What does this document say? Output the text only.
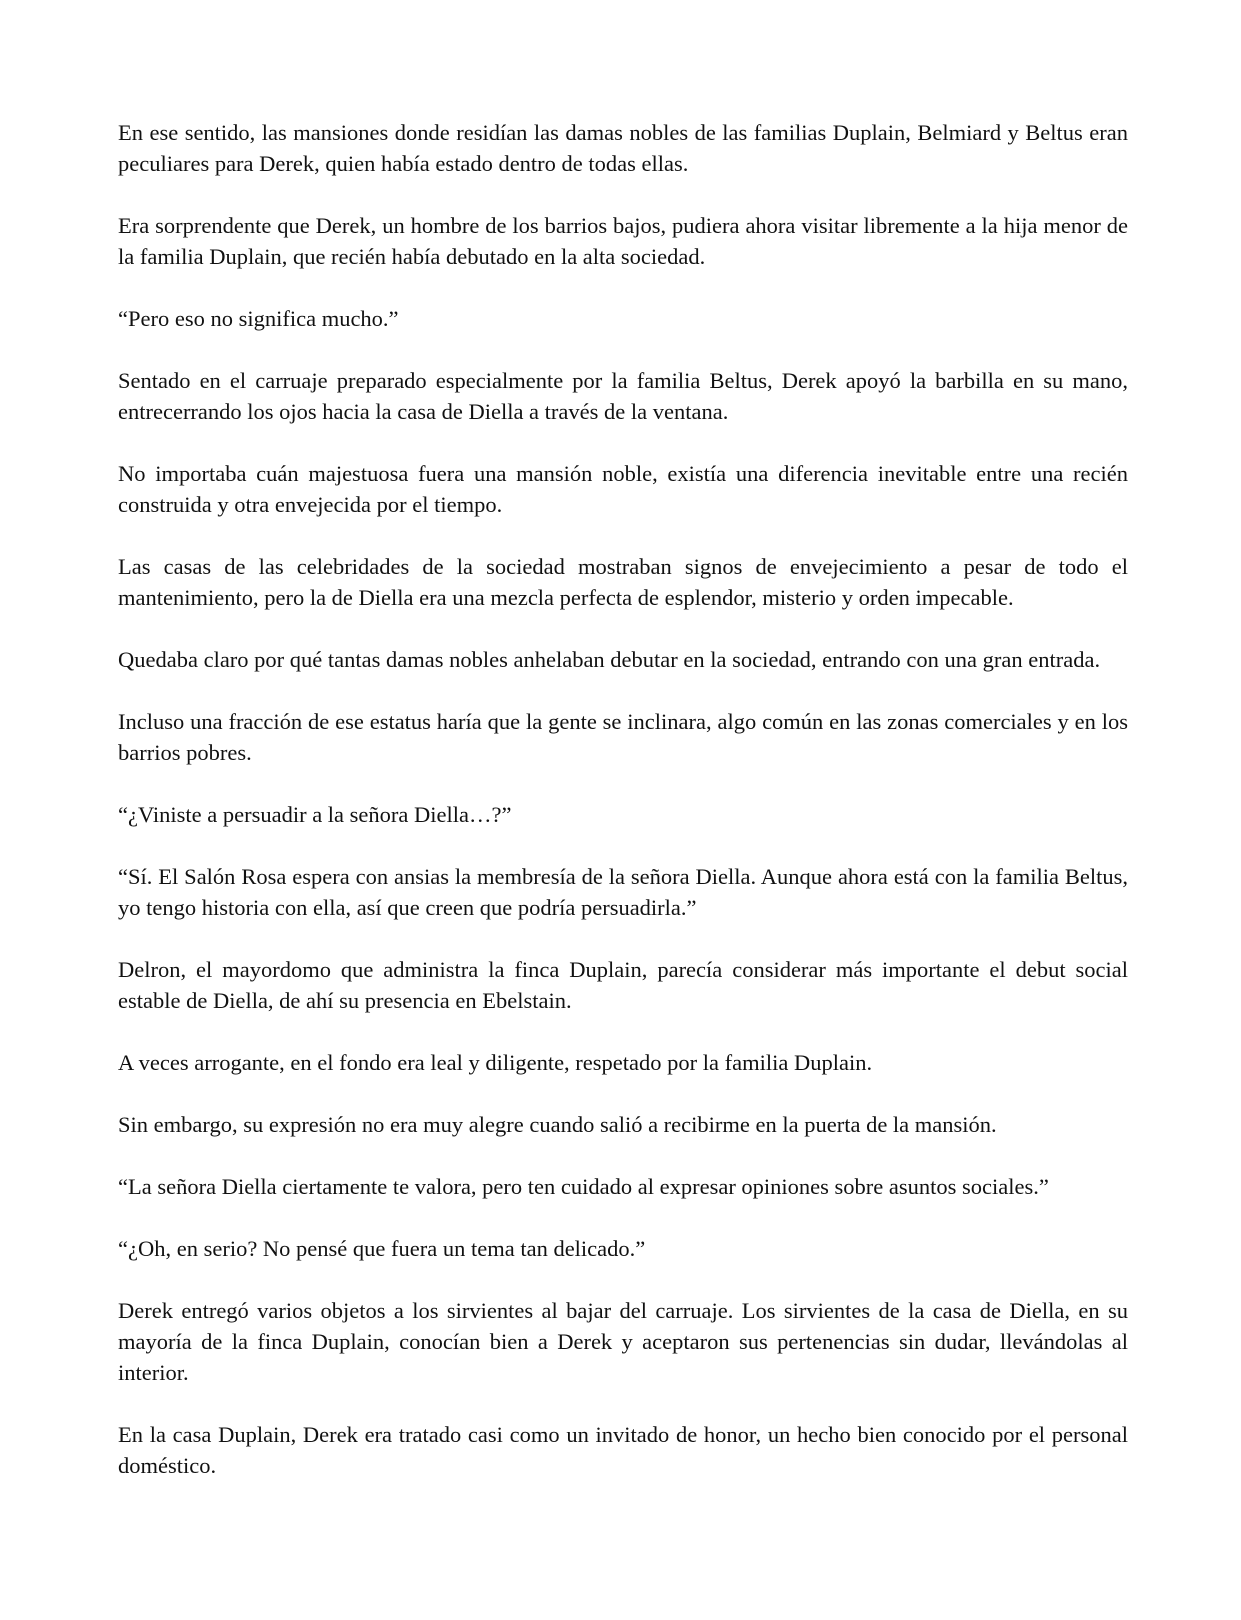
En ese sentido, las mansiones donde residían las damas nobles de las familias Duplain, Belmiard y Beltus eran peculiares para Derek, quien había estado dentro de todas ellas.

Era sorprendente que Derek, un hombre de los barrios bajos, pudiera ahora visitar libremente a la hija menor de la familia Duplain, que recién había debutado en la alta sociedad.

“Pero eso no significa mucho.”

Sentado en el carruaje preparado especialmente por la familia Beltus, Derek apoyó la barbilla en su mano, entrecerrando los ojos hacia la casa de Diella a través de la ventana.

No importaba cuán majestuosa fuera una mansión noble, existía una diferencia inevitable entre una recién construida y otra envejecida por el tiempo.

Las casas de las celebridades de la sociedad mostraban signos de envejecimiento a pesar de todo el mantenimiento, pero la de Diella era una mezcla perfecta de esplendor, misterio y orden impecable.

Quedaba claro por qué tantas damas nobles anhelaban debutar en la sociedad, entrando con una gran entrada.

Incluso una fracción de ese estatus haría que la gente se inclinara, algo común en las zonas comerciales y en los barrios pobres.

“¿Viniste a persuadir a la señora Diella…?”

“Sí. El Salón Rosa espera con ansias la membresía de la señora Diella. Aunque ahora está con la familia Beltus, yo tengo historia con ella, así que creen que podría persuadirla.”

Delron, el mayordomo que administra la finca Duplain, parecía considerar más importante el debut social estable de Diella, de ahí su presencia en Ebelstain.

A veces arrogante, en el fondo era leal y diligente, respetado por la familia Duplain.

Sin embargo, su expresión no era muy alegre cuando salió a recibirme en la puerta de la mansión.

“La señora Diella ciertamente te valora, pero ten cuidado al expresar opiniones sobre asuntos sociales.”

“¿Oh, en serio? No pensé que fuera un tema tan delicado.”

Derek entregó varios objetos a los sirvientes al bajar del carruaje. Los sirvientes de la casa de Diella, en su mayoría de la finca Duplain, conocían bien a Derek y aceptaron sus pertenencias sin dudar, llevándolas al interior.

En la casa Duplain, Derek era tratado casi como un invitado de honor, un hecho bien conocido por el personal doméstico.
